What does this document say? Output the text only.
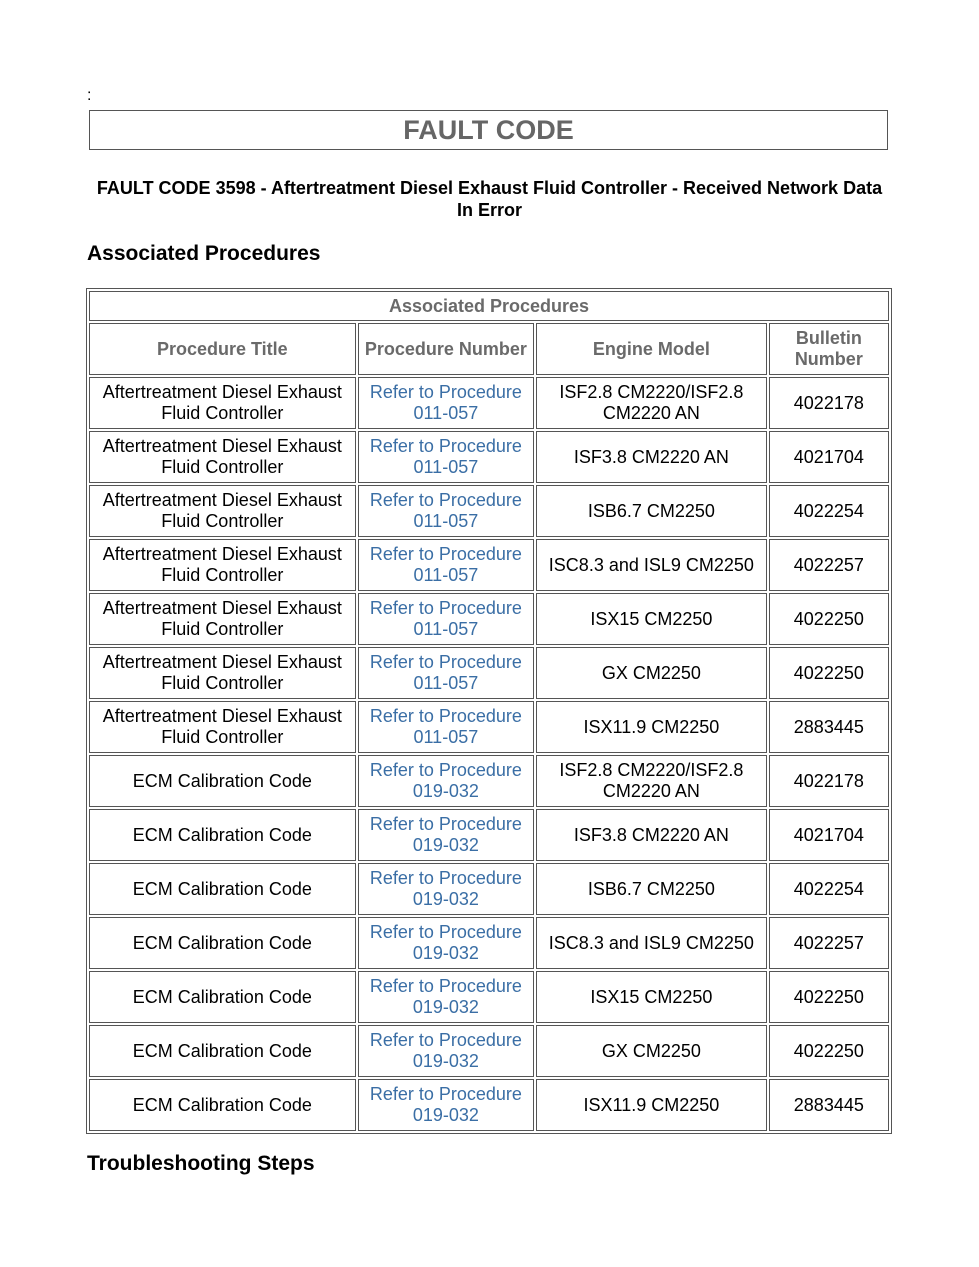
:
FAULT CODE
FAULT CODE 3598 - Aftertreatment Diesel Exhaust Fluid Controller - Received Network Data In Error
Associated Procedures
Associated Procedures			
Procedure Title	Procedure Number	Engine Model	Bulletin Number
Aftertreatment Diesel Exhaust Fluid Controller	Refer to Procedure 011-057	ISF2.8 CM2220/ISF2.8 CM2220 AN	4022178
Aftertreatment Diesel Exhaust Fluid Controller	Refer to Procedure 011-057	ISF3.8 CM2220 AN	4021704
Aftertreatment Diesel Exhaust Fluid Controller	Refer to Procedure 011-057	ISB6.7 CM2250	4022254
Aftertreatment Diesel Exhaust Fluid Controller	Refer to Procedure 011-057	ISC8.3 and ISL9 CM2250	4022257
Aftertreatment Diesel Exhaust Fluid Controller	Refer to Procedure 011-057	ISX15 CM2250	4022250
Aftertreatment Diesel Exhaust Fluid Controller	Refer to Procedure 011-057	GX CM2250	4022250
Aftertreatment Diesel Exhaust Fluid Controller	Refer to Procedure 011-057	ISX11.9 CM2250	2883445
ECM Calibration Code	Refer to Procedure 019-032	ISF2.8 CM2220/ISF2.8 CM2220 AN	4022178
ECM Calibration Code	Refer to Procedure 019-032	ISF3.8 CM2220 AN	4021704
ECM Calibration Code	Refer to Procedure 019-032	ISB6.7 CM2250	4022254
ECM Calibration Code	Refer to Procedure 019-032	ISC8.3 and ISL9 CM2250	4022257
ECM Calibration Code	Refer to Procedure 019-032	ISX15 CM2250	4022250
ECM Calibration Code	Refer to Procedure 019-032	GX CM2250	4022250
ECM Calibration Code	Refer to Procedure 019-032	ISX11.9 CM2250	2883445
Troubleshooting Steps
